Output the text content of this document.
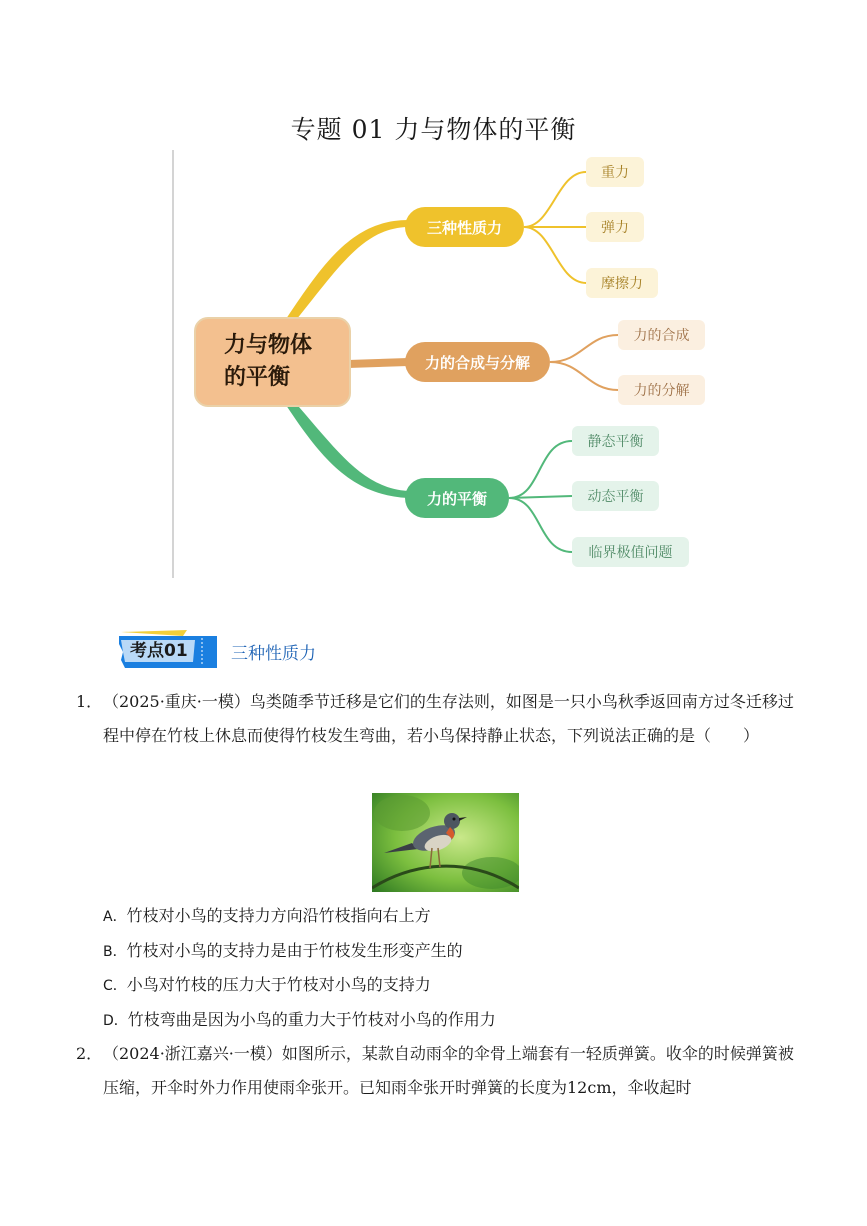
专题 01 力与物体的平衡
力与物体
的平衡
三种性质力
力的合成与分解
力的平衡
重力
弹力
摩擦力
力的合成
力的分解
静态平衡
动态平衡
临界极值问题
考点01	三种性质力
1． （2025·重庆·一模）鸟类随季节迁移是它们的生存法则，如图是一只小鸟秋季返回南方过冬迁移过程中停在竹枝上休息而使得竹枝发生弯曲，若小鸟保持静止状态，下列说法正确的是（　　）
A．竹枝对小鸟的支持力方向沿竹枝指向右上方
B．竹枝对小鸟的支持力是由于竹枝发生形变产生的
C．小鸟对竹枝的压力大于竹枝对小鸟的支持力
D．竹枝弯曲是因为小鸟的重力大于竹枝对小鸟的作用力
2． （2024·浙江嘉兴·一模）如图所示，某款自动雨伞的伞骨上端套有一轻质弹簧。收伞的时候弹簧被压缩，开伞时外力作用使雨伞张开。已知雨伞张开时弹簧的长度为12cm，伞收起时
